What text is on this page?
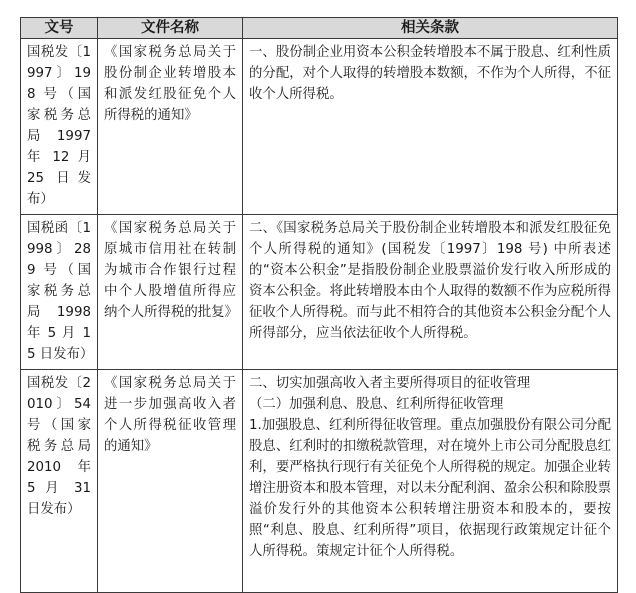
文号	文件名称	相关条款
国税发〔1997〕198 号（国家税务总局 1997 年 12 月 25 日发布）	《国家税务总局关于股份制企业转增股本和派发红股征免个人所得税的通知》	一、股份制企业用资本公积金转增股本不属于股息、红利性质的分配，对个人取得的转增股本数额，不作为个人所得，不征收个人所得税。

国税函〔1998〕289 号（国家税务总局 1998 年 5 月 15 日发布）	《国家税务总局关于原城市信用社在转制为城市合作银行过程中个人股增值所得应纳个人所得税的批复》	二、《国家税务总局关于股份制企业转增股本和派发红股征免个人所得税的通知》(国税发〔1997〕198 号) 中所表述的“资本公积金”是指股份制企业股票溢价发行收入所形成的资本公积金。将此转增股本由个人取得的数额不作为应税所得征收个人所得税。而与此不相符合的其他资本公积金分配个人所得部分，应当依法征收个人所得税。

国税发〔2010〕54 号（国家税务总局 2010 年 5 月 31 日发布）	《国家税务总局关于进一步加强高收入者个人所得税征收管理的通知》	二、切实加强高收入者主要所得项目的征收管理
（二）加强利息、股息、红利所得征收管理
1.加强股息、红利所得征收管理。重点加强股份有限公司分配股息、红利时的扣缴税款管理，对在境外上市公司分配股息红利，要严格执行现行有关征免个人所得税的规定。加强企业转增注册资本和股本管理，对以未分配利润、盈余公积和除股票溢价发行外的其他资本公积转增注册资本和股本的，要按照“利息、股息、红利所得”项目，依据现行政策规定计征个人所得税。策规定计征个人所得税。
